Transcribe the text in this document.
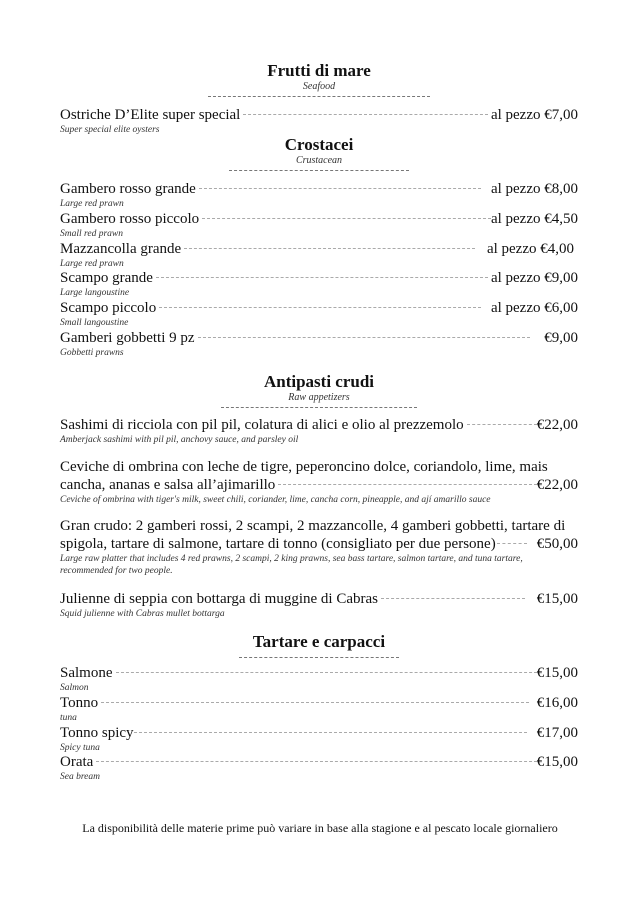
Frutti di mare
Seafood
Ostriche D’Elite super special	al pezzo €7,00
Super special elite oysters
Crostacei
Crustacean
Gambero rosso grande	al pezzo €8,00
Large red prawn
Gambero rosso piccolo	al pezzo €4,50
Small red prawn
Mazzancolla grande	al pezzo €4,00
Large red prawn
Scampo grande	al pezzo €9,00
Large langoustine
Scampo piccolo	al pezzo €6,00
Small langoustine
Gamberi gobbetti 9 pz	€9,00
Gobbetti prawns
Antipasti crudi
Raw appetizers
Sashimi di ricciola con pil pil, colatura di alici e olio al prezzemolo	€22,00
Amberjack sashimi with pil pil, anchovy sauce, and parsley oil
Ceviche di ombrina con leche de tigre, peperoncino dolce, coriandolo, lime, mais
cancha, ananas e salsa all’ajimarillo	€22,00
Ceviche of ombrina with tiger's milk, sweet chili, coriander, lime, cancha corn, pineapple, and ají amarillo sauce
Gran crudo: 2 gamberi rossi, 2 scampi, 2 mazzancolle, 4 gamberi gobbetti, tartare di
spigola, tartare di salmone, tartare di tonno (consigliato per due persone)	€50,00
Large raw platter that includes 4 red prawns, 2 scampi, 2 king prawns, sea bass tartare, salmon tartare, and tuna tartare, recommended for two people.
Julienne di seppia con bottarga di muggine di Cabras	€15,00
Squid julienne with Cabras mullet bottarga
Tartare e carpacci
Salmone	€15,00
Salmon
Tonno	€16,00
tuna
Tonno spicy	€17,00
Spicy tuna
Orata	€15,00
Sea bream
La disponibilità delle materie prime può variare in base alla stagione e al pescato locale giornaliero
